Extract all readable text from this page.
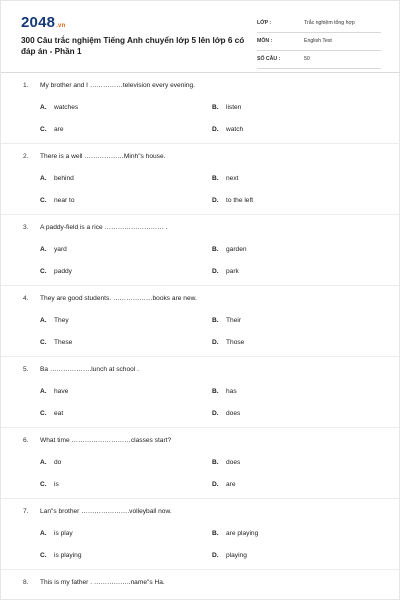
2048.vn
300 Câu trắc nghiệm Tiếng Anh chuyển lớp 5 lên lớp 6 có đáp án - Phần 1
LỚP :	Trắc nghiệm tổng hợp
MÔN :	English Test
SỐ CÂU :	50
1. My brother and I ……………television every evening.
A. watches	B. listen
C. are	D. watch
2. There is a well ………………Minh"s house.
A. behind	B. next
C. near to	D. to the left
3. A paddy-field is a rice ……………………… .
A. yard	B. garden
C. paddy	D. park
4. They are good students. ………………books are new.
A. They	B. Their
C. These	D. Those
5. Ba ……………….lunch at school .
A. have	B. has
C. eat	D. does
6. What time ………………………classes start?
A. do	B. does
C. is	D. are
7. Lan"s brother ………………….volleyball now.
A. is play	B. are playing
C. is playing	D. playing
8. This is my father . ……………..name"s Ha.
